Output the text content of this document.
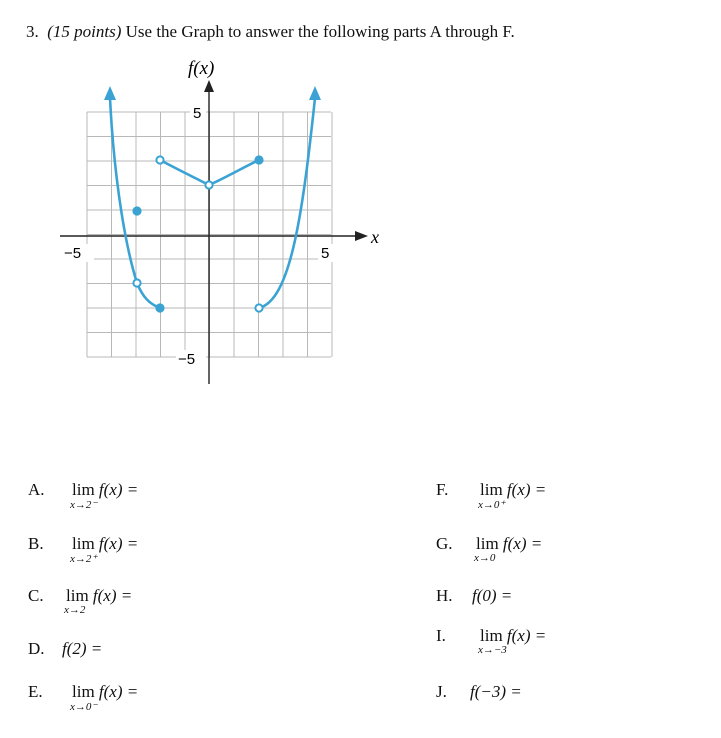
3. (15 points) Use the Graph to answer the following parts A through F.
f(x)
x
−5	5
5
−5
A. lim
x→2⁻
f(x) =
B. lim
x→2⁺
f(x) =
C. lim
x→2
f(x) =
D. f(2) =
E. lim
x→0⁻
f(x) =
F. lim
x→0⁺
f(x) =
G. lim
x→0
f(x) =
H. f(0) =
I. lim
x→−3
f(x) =
J. f(−3) =
